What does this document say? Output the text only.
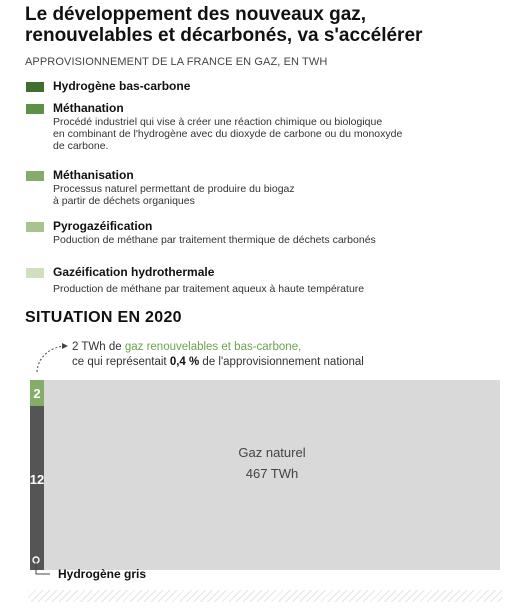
Le développement des nouveaux gaz, renouvelables et décarbonés, va s'accélérer
APPROVISIONNEMENT DE LA FRANCE EN GAZ, EN TWH
Hydrogène bas-carbone
Méthanation
Procédé industriel qui vise à créer une réaction chimique ou biologique
en combinant de l'hydrogène avec du dioxyde de carbone ou du monoxyde
de carbone.
Méthanisation
Processus naturel permettant de produire du biogaz
à partir de déchets organiques
Pyrogazéification
Poduction de méthane par traitement thermique de déchets carbonés
Gazéification hydrothermale
Production de méthane par traitement aqueux à haute température
SITUATION EN 2020
2 TWh de gaz renouvelables et bas-carbone,
ce qui représentait 0,4 % de l'approvisionnement national
2
12
Gaz naturel
467 TWh
Hydrogène gris
